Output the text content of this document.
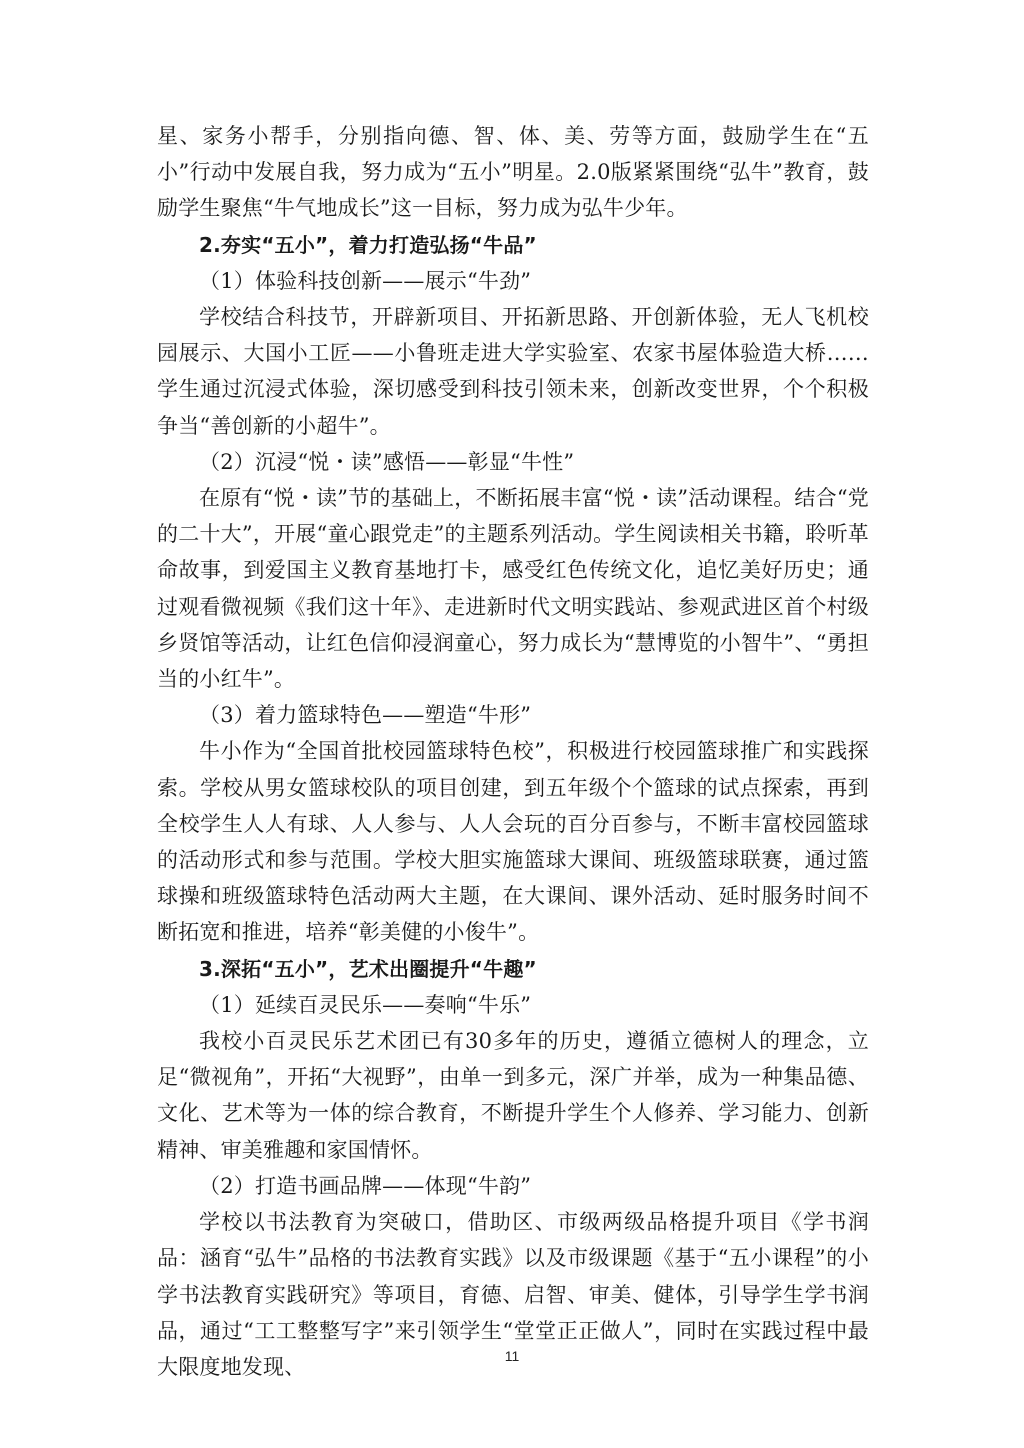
星、家务小帮手，分别指向德、智、体、美、劳等方面，鼓励学生在“五小”行动中发展自我，努力成为“五小”明星。2.0版紧紧围绕“弘牛”教育，鼓励学生聚焦“牛气地成长”这一目标，努力成为弘牛少年。

2.夯实“五小”，着力打造弘扬“牛品”

（1）体验科技创新——展示“牛劲”

学校结合科技节，开辟新项目、开拓新思路、开创新体验，无人飞机校园展示、大国小工匠——小鲁班走进大学实验室、农家书屋体验造大桥……学生通过沉浸式体验，深切感受到科技引领未来，创新改变世界，个个积极争当“善创新的小超牛”。

（2）沉浸“悦・读”感悟——彰显“牛性”

在原有“悦・读”节的基础上，不断拓展丰富“悦・读”活动课程。结合“党的二十大”，开展“童心跟党走”的主题系列活动。学生阅读相关书籍，聆听革命故事，到爱国主义教育基地打卡，感受红色传统文化，追忆美好历史；通过观看微视频《我们这十年》、走进新时代文明实践站、参观武进区首个村级乡贤馆等活动，让红色信仰浸润童心，努力成长为“慧博览的小智牛”、“勇担当的小红牛”。

（3）着力篮球特色——塑造“牛形”

牛小作为“全国首批校园篮球特色校”，积极进行校园篮球推广和实践探索。学校从男女篮球校队的项目创建，到五年级个个篮球的试点探索，再到全校学生人人有球、人人参与、人人会玩的百分百参与，不断丰富校园篮球的活动形式和参与范围。学校大胆实施篮球大课间、班级篮球联赛，通过篮球操和班级篮球特色活动两大主题，在大课间、课外活动、延时服务时间不断拓宽和推进，培养“彰美健的小俊牛”。

3.深拓“五小”，艺术出圈提升“牛趣”

（1）延续百灵民乐——奏响“牛乐”

我校小百灵民乐艺术团已有30多年的历史，遵循立德树人的理念，立足“微视角”，开拓“大视野”，由单一到多元，深广并举，成为一种集品德、文化、艺术等为一体的综合教育，不断提升学生个人修养、学习能力、创新精神、审美雅趣和家国情怀。

（2）打造书画品牌——体现“牛韵”

学校以书法教育为突破口，借助区、市级两级品格提升项目《学书润品：涵育“弘牛”品格的书法教育实践》以及市级课题《基于“五小课程”的小学书法教育实践研究》等项目，育德、启智、审美、健体，引导学生学书润品，通过“工工整整写字”来引领学生“堂堂正正做人”，同时在实践过程中最大限度地发现、	11
